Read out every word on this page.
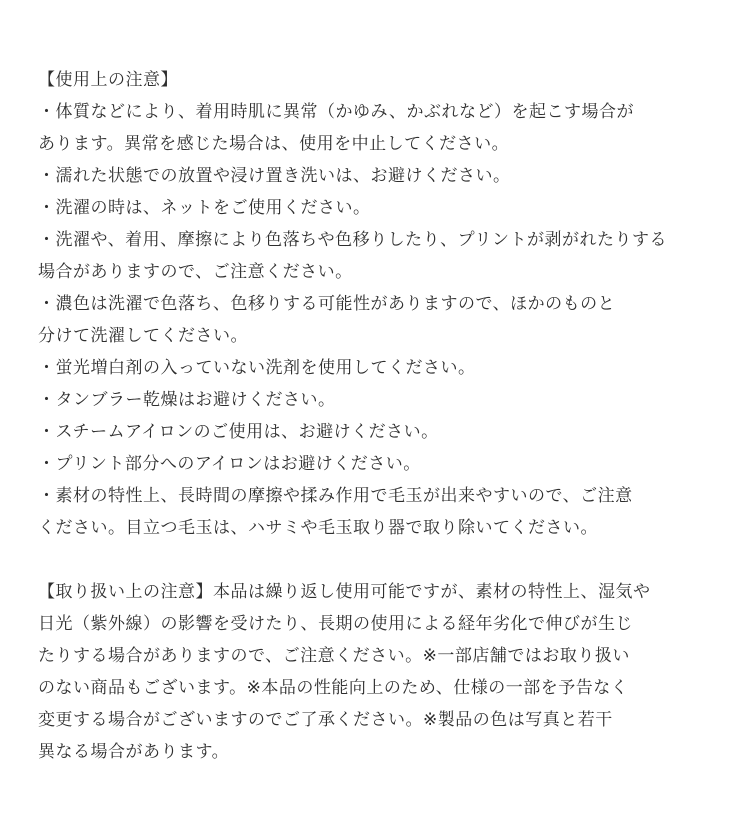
【使用上の注意】

・体質などにより、着用時肌に異常（かゆみ、かぶれなど）を起こす場合が
あります。異常を感じた場合は、使用を中止してください。

・濡れた状態での放置や浸け置き洗いは、お避けください。

・洗濯の時は、ネットをご使用ください。

・洗濯や、着用、摩擦により色落ちや色移りしたり、プリントが剥がれたりする
場合がありますので、ご注意ください。

・濃色は洗濯で色落ち、色移りする可能性がありますので、ほかのものと
分けて洗濯してください。

・蛍光増白剤の入っていない洗剤を使用してください。

・タンブラー乾燥はお避けください。

・スチームアイロンのご使用は、お避けください。

・プリント部分へのアイロンはお避けください。

・素材の特性上、長時間の摩擦や揉み作用で毛玉が出来やすいので、ご注意
ください。目立つ毛玉は、ハサミや毛玉取り器で取り除いてください。

【取り扱い上の注意】本品は繰り返し使用可能ですが、素材の特性上、湿気や
日光（紫外線）の影響を受けたり、長期の使用による経年劣化で伸びが生じ
たりする場合がありますので、ご注意ください。※一部店舗ではお取り扱い
のない商品もございます。※本品の性能向上のため、仕様の一部を予告なく
変更する場合がございますのでご了承ください。※製品の色は写真と若干
異なる場合があります。
